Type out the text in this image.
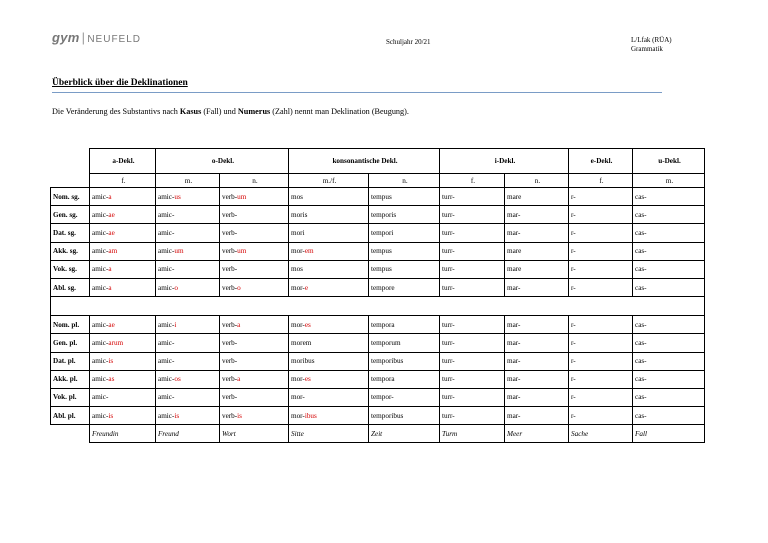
gym | NEUFELD	Schuljahr 20/21	L/Lfak (RÜA)
Grammatik
Überblick über die Deklinationen
Die Veränderung des Substantivs nach Kasus (Fall) und Numerus (Zahl) nennt man Deklination (Beugung).
	a-Dekl.	o-Dekl.		konsonantische Dekl.		i-Dekl.		e-Dekl.	u-Dekl.
	f.	m.	n.	m./f.	n.	f.	n.	f.	m.
Nom. sg.	amic-a	amic-us	verb-um	mos	tempus	turr-	mare	r-	cas-
Gen. sg.	amic-ae	amic-	verb-	moris	temporis	turr-	mar-	r-	cas-
Dat. sg.	amic-ae	amic-	verb-	mori	tempori	turr-	mar-	r-	cas-
Akk. sg.	amic-am	amic-um	verb-um	mor-em	tempus	turr-	mare	r-	cas-
Vok. sg.	amic-a	amic-	verb-	mos	tempus	turr-	mare	r-	cas-
Abl. sg.	amic-a	amic-o	verb-o	mor-e	tempore	turr-	mar-	r-	cas-

Nom. pl.	amic-ae	amic-i	verb-a	mor-es	tempora	turr-	mar-	r-	cas-
Gen. pl.	amic-arum	amic-	verb-	morem	temporum	turr-	mar-	r-	cas-
Dat. pl.	amic-is	amic-	verb-	moribus	temporibus	turr-	mar-	r-	cas-
Akk. pl.	amic-as	amic-os	verb-a	mor-es	tempora	turr-	mar-	r-	cas-
Vok. pl.	amic-	amic-	verb-	mor-	tempor-	turr-	mar-	r-	cas-
Abl. pl.	amic-is	amic-is	verb-is	mor-ibus	temporibus	turr-	mar-	r-	cas-
	Freundin	Freund	Wort	Sitte	Zeit	Turm	Meer	Sache	Fall
